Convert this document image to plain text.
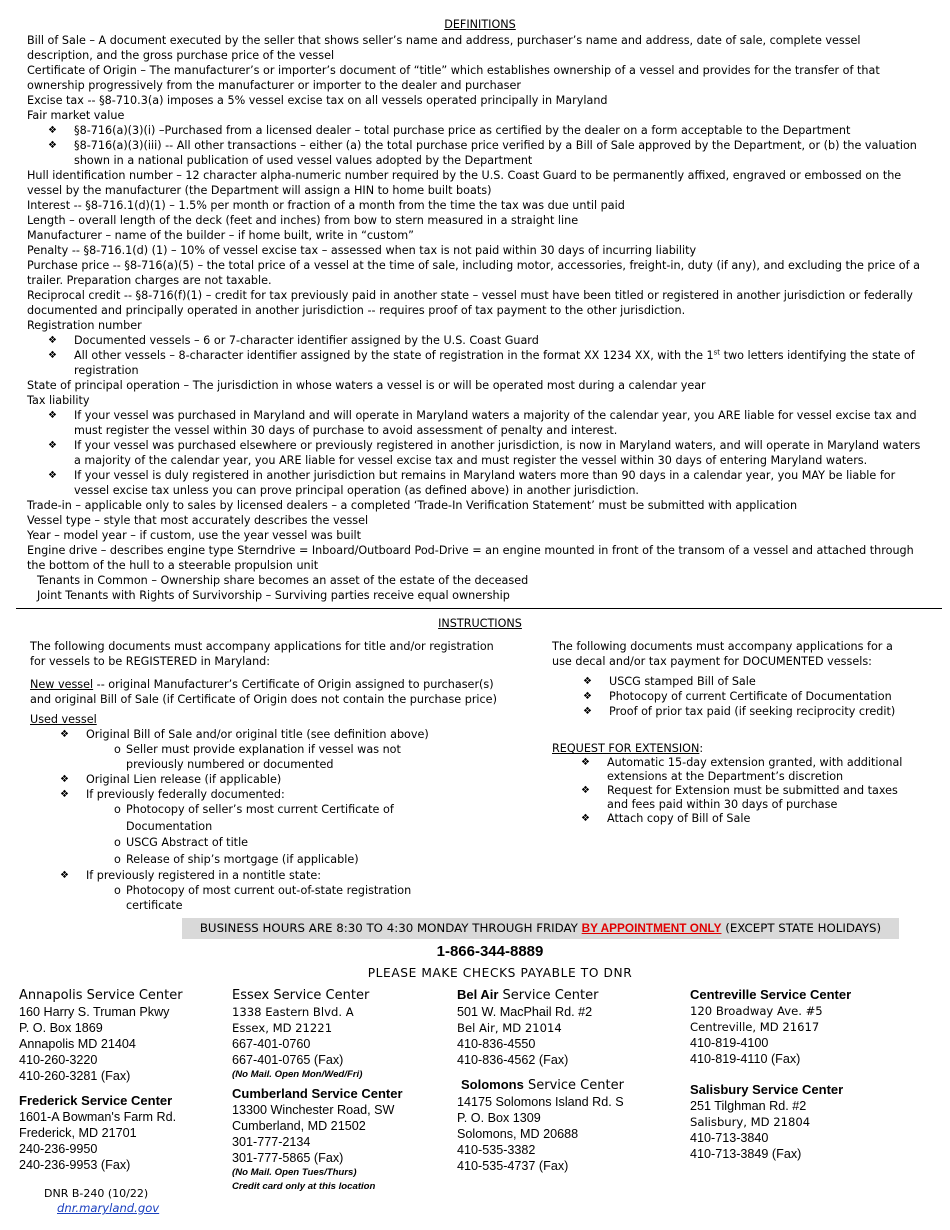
DEFINITIONS

Bill of Sale – A document executed by the seller that shows seller’s name and address, purchaser’s name and address, date of sale, complete vessel description, and the gross purchase price of the vessel

Certificate of Origin – The manufacturer’s or importer’s document of “title” which establishes ownership of a vessel and provides for the transfer of that ownership progressively from the manufacturer or importer to the dealer and purchaser

Excise tax -- §8-710.3(a) imposes a 5% vessel excise tax on all vessels operated principally in Maryland

Fair market value

❖ §8-716(a)(3)(i) –Purchased from a licensed dealer – total purchase price as certified by the dealer on a form acceptable to the Department
❖ §8-716(a)(3)(iii) -- All other transactions – either (a) the total purchase price verified by a Bill of Sale approved by the Department, or (b) the valuation shown in a national publication of used vessel values adopted by the Department

Hull identification number – 12 character alpha-numeric number required by the U.S. Coast Guard to be permanently affixed, engraved or embossed on the vessel by the manufacturer (the Department will assign a HIN to home built boats)

Interest -- §8-716.1(d)(1) – 1.5% per month or fraction of a month from the time the tax was due until paid

Length – overall length of the deck (feet and inches) from bow to stern measured in a straight line

Manufacturer – name of the builder – if home built, write in “custom”

Penalty -- §8-716.1(d) (1) – 10% of vessel excise tax – assessed when tax is not paid within 30 days of incurring liability

Purchase price -- §8-716(a)(5) – the total price of a vessel at the time of sale, including motor, accessories, freight-in, duty (if any), and excluding the price of a trailer. Preparation charges are not taxable.

Reciprocal credit -- §8-716(f)(1) – credit for tax previously paid in another state – vessel must have been titled or registered in another jurisdiction or federally documented and principally operated in another jurisdiction -- requires proof of tax payment to the other jurisdiction.

Registration number

❖ Documented vessels – 6 or 7-character identifier assigned by the U.S. Coast Guard
❖ All other vessels – 8-character identifier assigned by the state of registration in the format XX 1234 XX, with the 1st two letters identifying the state of registration

State of principal operation – The jurisdiction in whose waters a vessel is or will be operated most during a calendar year

Tax liability

❖ If your vessel was purchased in Maryland and will operate in Maryland waters a majority of the calendar year, you ARE liable for vessel excise tax and must register the vessel within 30 days of purchase to avoid assessment of penalty and interest.
❖ If your vessel was purchased elsewhere or previously registered in another jurisdiction, is now in Maryland waters, and will operate in Maryland waters a majority of the calendar year, you ARE liable for vessel excise tax and must register the vessel within 30 days of entering Maryland waters.
❖ If your vessel is duly registered in another jurisdiction but remains in Maryland waters more than 90 days in a calendar year, you MAY be liable for vessel excise tax unless you can prove principal operation (as defined above) in another jurisdiction.

Trade-in – applicable only to sales by licensed dealers – a completed ‘Trade-In Verification Statement’ must be submitted with application

Vessel type – style that most accurately describes the vessel

Year – model year – if custom, use the year vessel was built

Engine drive – describes engine type Sterndrive = Inboard/Outboard Pod-Drive = an engine mounted in front of the transom of a vessel and attached through the bottom of the hull to a steerable propulsion unit

Tenants in Common – Ownership share becomes an asset of the estate of the deceased

Joint Tenants with Rights of Survivorship – Surviving parties receive equal ownership

INSTRUCTIONS

The following documents must accompany applications for title and/or registration for vessels to be REGISTERED in Maryland:

New vessel -- original Manufacturer’s Certificate of Origin assigned to purchaser(s) and original Bill of Sale (if Certificate of Origin does not contain the purchase price)

Used vessel

❖ Original Bill of Sale and/or original title (see definition above)
o Seller must provide explanation if vessel was not previously numbered or documented
❖ Original Lien release (if applicable)
❖ If previously federally documented:
o Photocopy of seller’s most current Certificate of Documentation
o USCG Abstract of title
o Release of ship’s mortgage (if applicable)
❖ If previously registered in a nontitle state:
o Photocopy of most current out-of-state registration certificate

The following documents must accompany applications for a use decal and/or tax payment for DOCUMENTED vessels:

❖ USCG stamped Bill of Sale
❖ Photocopy of current Certificate of Documentation
❖ Proof of prior tax paid (if seeking reciprocity credit)

REQUEST FOR EXTENSION:

❖ Automatic 15-day extension granted, with additional extensions at the Department’s discretion
❖ Request for Extension must be submitted and taxes and fees paid within 30 days of purchase
❖ Attach copy of Bill of Sale
BUSINESS HOURS ARE 8:30 TO 4:30 MONDAY THROUGH FRIDAY BY APPOINTMENT ONLY (EXCEPT STATE HOLIDAYS)
1-866-344-8889
PLEASE MAKE CHECKS PAYABLE TO DNR
Annapolis Service Center
160 Harry S. Truman Pkwy
P. O. Box 1869
Annapolis MD 21404
410-260-3220
410-260-3281 (Fax)
Frederick Service Center
1601-A Bowman's Farm Rd.
Frederick, MD 21701
240-236-9950
240-236-9953 (Fax)
Essex Service Center
1338 Eastern Blvd. A
Essex, MD 21221
667-401-0760
667-401-0765 (Fax)
(No Mail. Open Mon/Wed/Fri)
Cumberland Service Center
13300 Winchester Road, SW
Cumberland, MD 21502
301-777-2134
301-777-5865 (Fax)
(No Mail. Open Tues/Thurs)
Credit card only at this location
Bel Air Service Center
501 W. MacPhail Rd. #2
Bel Air, MD 21014
410-836-4550
410-836-4562 (Fax)
Solomons Service Center
14175 Solomons Island Rd. S
P. O. Box 1309
Solomons, MD 20688
410-535-3382
410-535-4737 (Fax)
Centreville Service Center
120 Broadway Ave. #5
Centreville, MD 21617
410-819-4100
410-819-4110 (Fax)
Salisbury Service Center
251 Tilghman Rd. #2
Salisbury, MD 21804
410-713-3840
410-713-3849 (Fax)
DNR B-240 (10/22)
dnr.maryland.gov
